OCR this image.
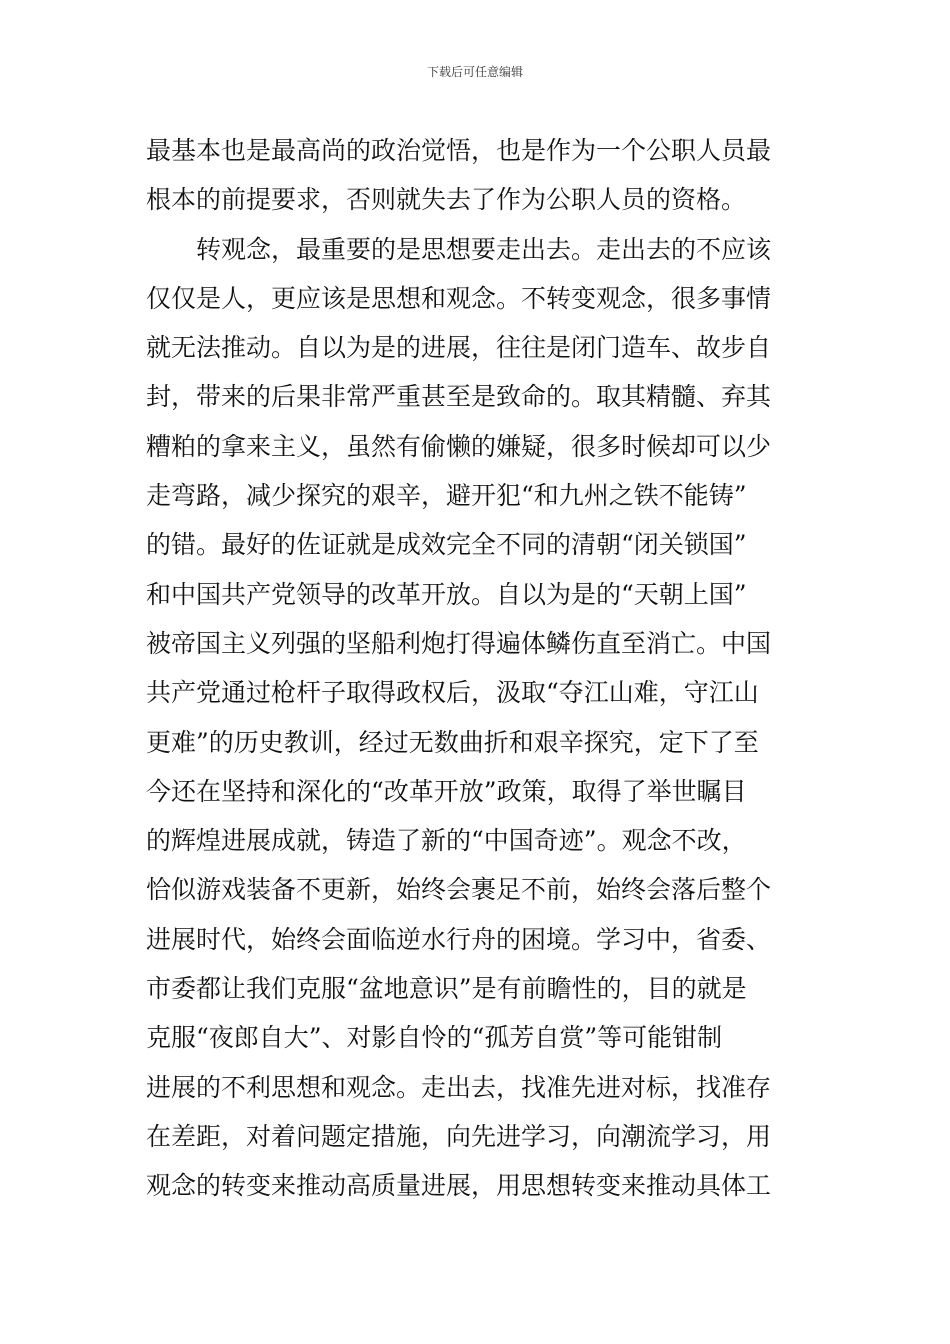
下载后可任意编辑
最基本也是最高尚的政治觉悟，也是作为一个公职人员最
根本的前提要求，否则就失去了作为公职人员的资格。
转观念，最重要的是思想要走出去。走出去的不应该
仅仅是人，更应该是思想和观念。不转变观念，很多事情
就无法推动。自以为是的进展，往往是闭门造车、故步自
封，带来的后果非常严重甚至是致命的。取其精髓、弃其
糟粕的拿来主义，虽然有偷懒的嫌疑，很多时候却可以少
走弯路，减少探究的艰辛，避开犯“和九州之铁不能铸”
的错。最好的佐证就是成效完全不同的清朝“闭关锁国”
和中国共产党领导的改革开放。自以为是的“天朝上国”
被帝国主义列强的坚船利炮打得遍体鳞伤直至消亡。中国
共产党通过枪杆子取得政权后，汲取“夺江山难，守江山
更难”的历史教训，经过无数曲折和艰辛探究，定下了至
今还在坚持和深化的“改革开放”政策，取得了举世瞩目
的辉煌进展成就，铸造了新的“中国奇迹”。观念不改，
恰似游戏装备不更新，始终会裹足不前，始终会落后整个
进展时代，始终会面临逆水行舟的困境。学习中，省委、
市委都让我们克服“盆地意识”是有前瞻性的，目的就是
克服“夜郎自大”、对影自怜的“孤芳自赏”等可能钳制
进展的不利思想和观念。走出去，找准先进对标，找准存
在差距，对着问题定措施，向先进学习，向潮流学习，用
观念的转变来推动高质量进展，用思想转变来推动具体工
